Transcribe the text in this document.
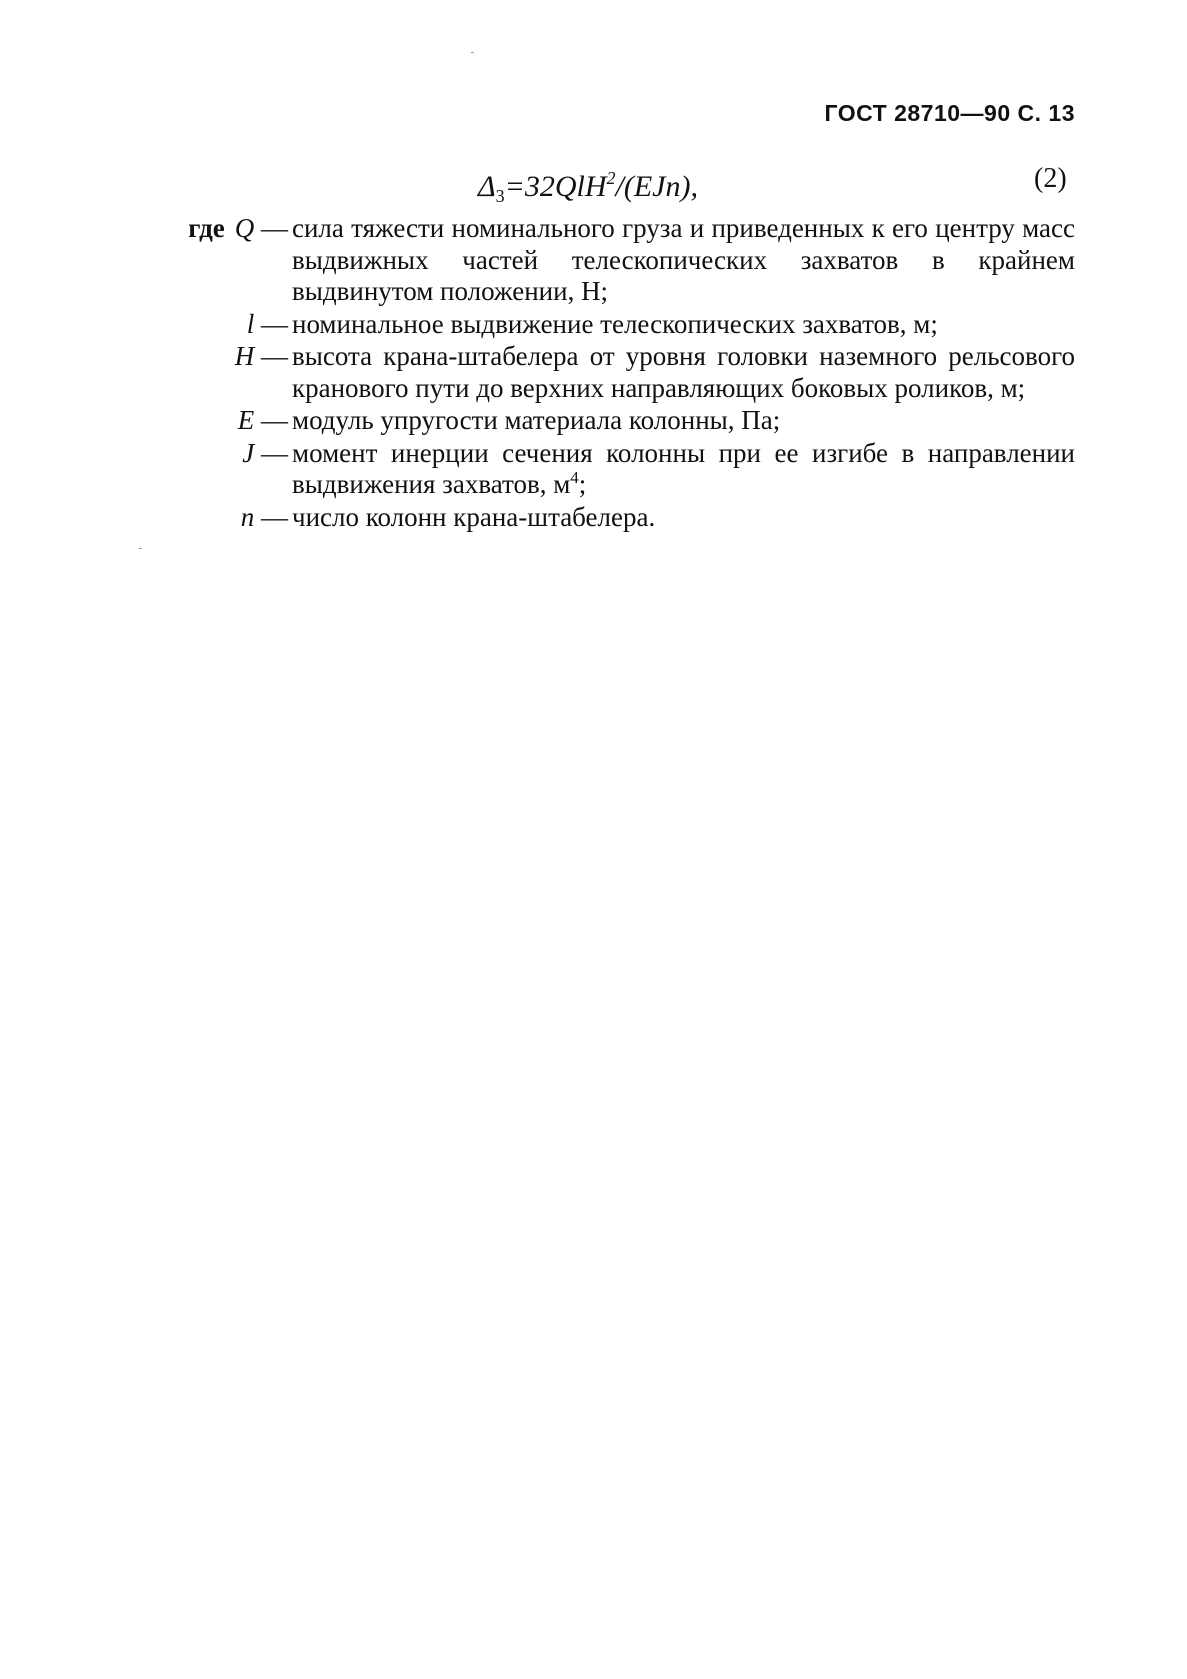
ГОСТ 28710—90 С. 13
$\Delta_3=32QlH^2/(EJn)$,	(2)
где Q — сила тяжести номинального груза и приведенных к его центру масс выдвижных частей телескопических захватов в крайнем выдвинутом положении, Н;
l — номинальное выдвижение телескопических захватов, м;
H — высота крана-штабелера от уровня головки наземного рельсового кранового пути до верхних направляющих боковых роликов, м;
E — модуль упругости материала колонны, Па;
J — момент инерции сечения колонны при ее изгибе в направлении выдвижения захватов, $м^4$;
n — число колонн крана-штабелера.
